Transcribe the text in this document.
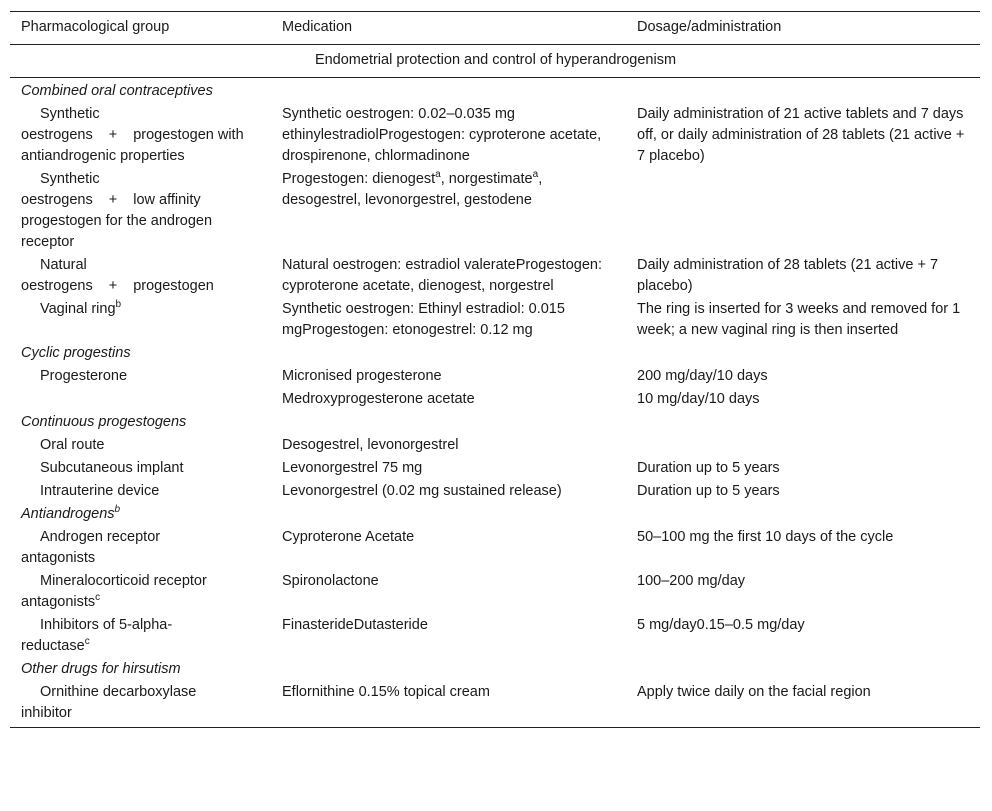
Pharmacological group	Medication	Dosage/administration
Endometrial protection and control of hyperandrogenism		
Combined oral contraceptives		
Synthetic
oestrogens + progestogen with antiandrogenic properties	Synthetic oestrogen: 0.02–0.035 mg ethinylestradiolProgestogen: cyproterone acetate, drospirenone, chlormadinone	Daily administration of 21 active tablets and 7 days off, or daily administration of 28 tablets (21 active + 7 placebo)
Synthetic
oestrogens + low affinity progestogen for the androgen receptor	Progestogen: dienogest$^a$, norgestimate$^a$, desogestrel, levonorgestrel, gestodene	
Natural
oestrogens + progestogen	Natural oestrogen: estradiol valerateProgestogen: cyproterone acetate, dienogest, norgestrel	Daily administration of 28 tablets (21 active + 7 placebo)
Vaginal ring$^b$	Synthetic oestrogen: Ethinyl estradiol: 0.015 mgProgestogen: etonogestrel: 0.12 mg	The ring is inserted for 3 weeks and removed for 1 week; a new vaginal ring is then inserted
Cyclic progestins		
Progesterone	Micronised progesterone	200 mg/day/10 days
	Medroxyprogesterone acetate	10 mg/day/10 days
Continuous progestogens		
Oral route	Desogestrel, levonorgestrel	
Subcutaneous implant	Levonorgestrel 75 mg	Duration up to 5 years
Intrauterine device	Levonorgestrel (0.02 mg sustained release)	Duration up to 5 years
Antiandrogens$^b$
Androgen receptor
antagonists	Cyproterone Acetate	50–100 mg the first 10 days of the cycle
Mineralocorticoid receptor
antagonists$^c$	Spironolactone	100–200 mg/day
Inhibitors of 5-alpha-
reductase$^c$	FinasterideDutasteride	5 mg/day0.15–0.5 mg/day
Other drugs for hirsutism		
Ornithine decarboxylase
inhibitor	Eflornithine 0.15% topical cream	Apply twice daily on the facial region
